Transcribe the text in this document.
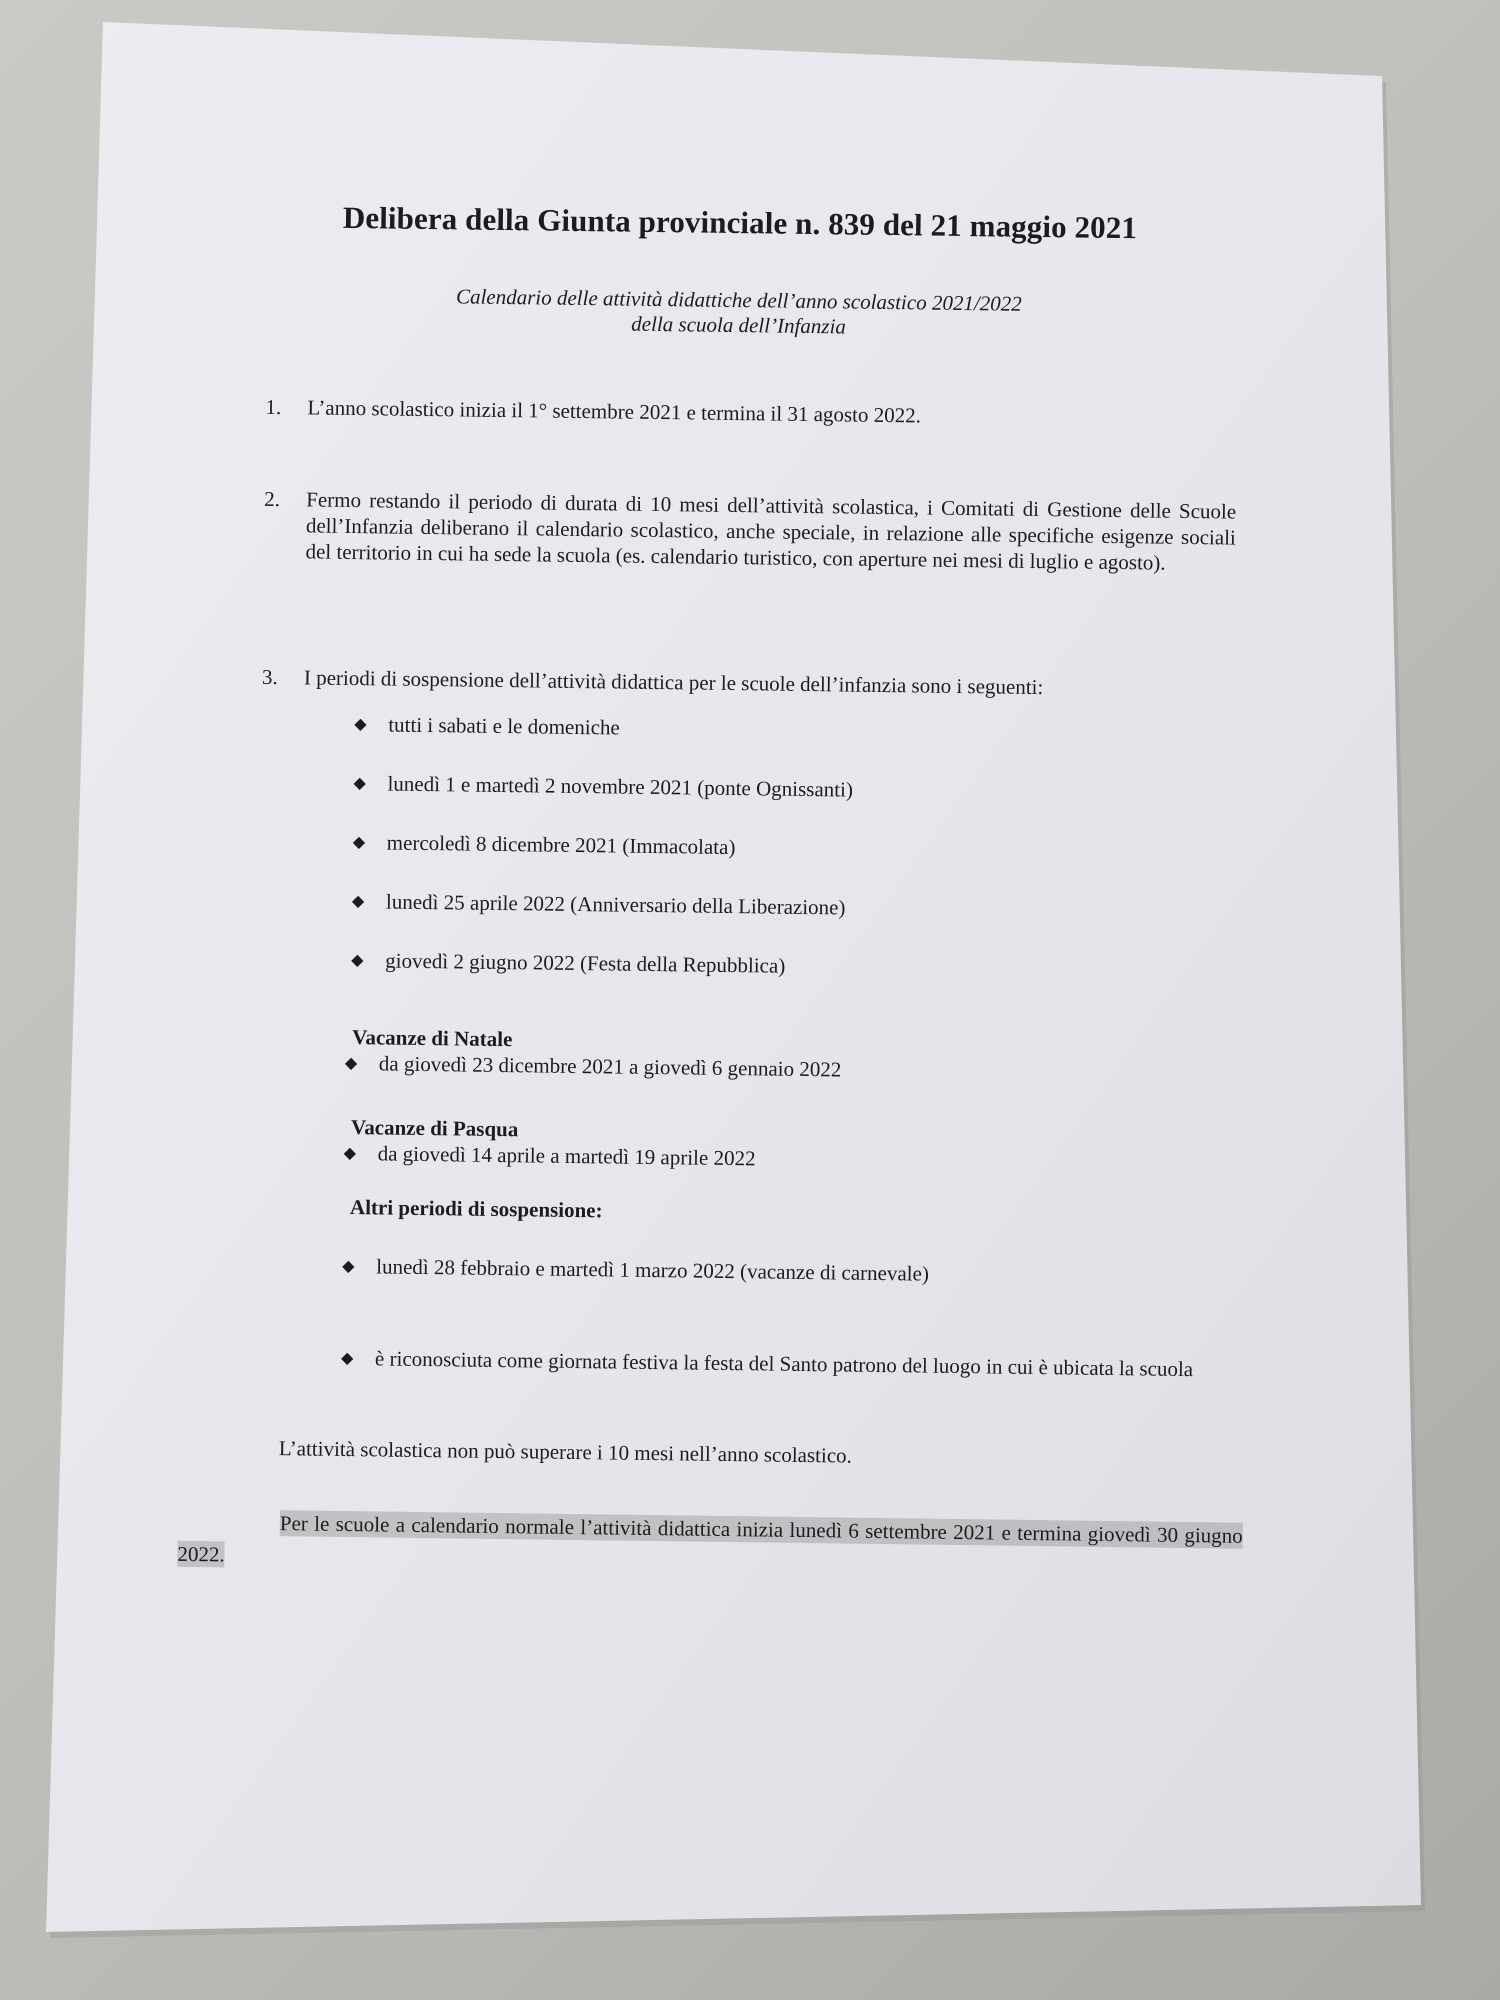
Delibera della Giunta provinciale n. 839 del 21 maggio 2021
Calendario delle attività didattiche dell’anno scolastico 2021/2022
della scuola dell’Infanzia
1. L’anno scolastico inizia il 1° settembre 2021 e termina il 31 agosto 2022.
2. Fermo restando il periodo di durata di 10 mesi dell’attività scolastica, i Comitati di Gestione delle Scuole dell’Infanzia deliberano il calendario scolastico, anche speciale, in relazione alle specifiche esigenze sociali del territorio in cui ha sede la scuola (es. calendario turistico, con aperture nei mesi di luglio e agosto).
3. I periodi di sospensione dell’attività didattica per le scuole dell’infanzia sono i seguenti:
◆ tutti i sabati e le domeniche
◆ lunedì 1 e martedì 2 novembre 2021 (ponte Ognissanti)
◆ mercoledì 8 dicembre 2021 (Immacolata)
◆ lunedì 25 aprile 2022 (Anniversario della Liberazione)
◆ giovedì 2 giugno 2022 (Festa della Repubblica)
Vacanze di Natale
◆ da giovedì 23 dicembre 2021 a giovedì 6 gennaio 2022
Vacanze di Pasqua
◆ da giovedì 14 aprile a martedì 19 aprile 2022
Altri periodi di sospensione:
◆ lunedì 28 febbraio e martedì 1 marzo 2022 (vacanze di carnevale)
◆ è riconosciuta come giornata festiva la festa del Santo patrono del luogo in cui è ubicata la scuola
L’attività scolastica non può superare i 10 mesi nell’anno scolastico.
Per le scuole a calendario normale l’attività didattica inizia lunedì 6 settembre 2021 e termina giovedì 30 giugno 2022.
